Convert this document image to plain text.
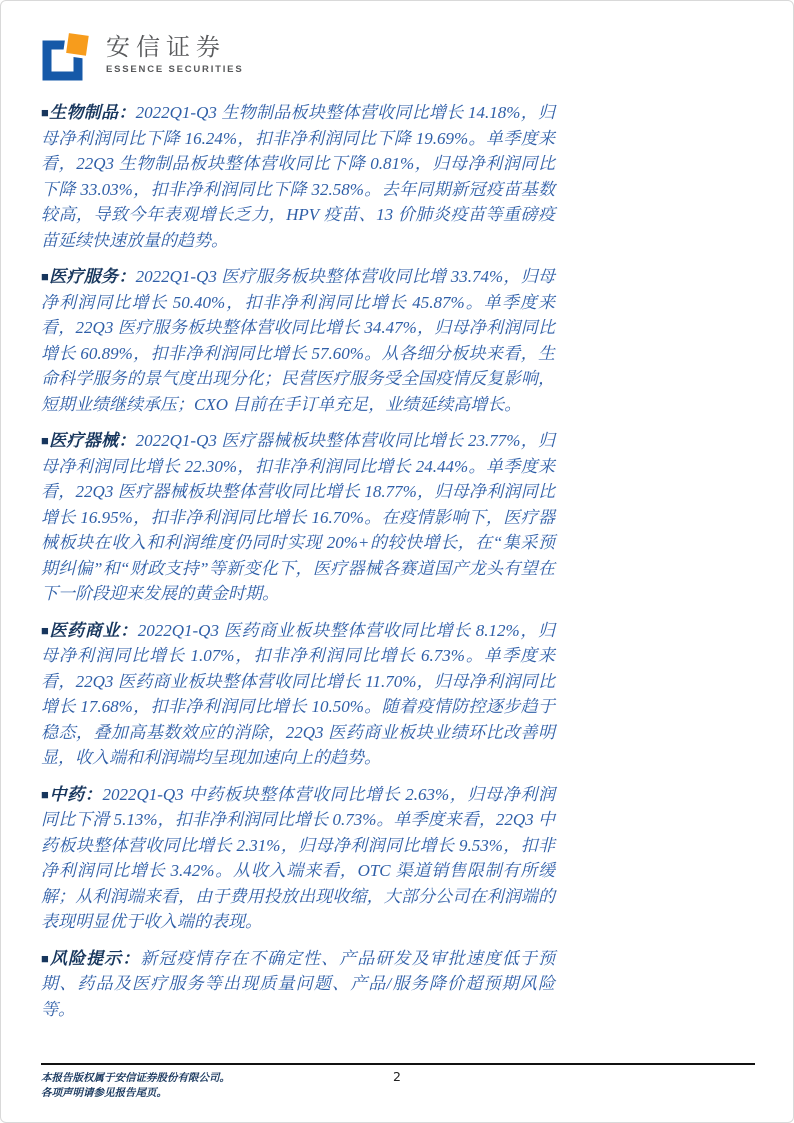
安信证券
ESSENCE SECURITIES

■生物制品：2022Q1-Q3 生物制品板块整体营收同比增长 14.18%，归母净利润同比下降 16.24%，扣非净利润同比下降 19.69%。单季度来看，22Q3 生物制品板块整体营收同比下降 0.81%，归母净利润同比下降 33.03%，扣非净利润同比下降 32.58%。去年同期新冠疫苗基数较高，导致今年表观增长乏力，HPV 疫苗、13 价肺炎疫苗等重磅疫苗延续快速放量的趋势。

■医疗服务：2022Q1-Q3 医疗服务板块整体营收同比增 33.74%，归母净利润同比增长 50.40%，扣非净利润同比增长 45.87%。单季度来看，22Q3 医疗服务板块整体营收同比增长 34.47%，归母净利润同比增长 60.89%，扣非净利润同比增长 57.60%。从各细分板块来看，生命科学服务的景气度出现分化；民营医疗服务受全国疫情反复影响，短期业绩继续承压；CXO 目前在手订单充足，业绩延续高增长。

■医疗器械：2022Q1-Q3 医疗器械板块整体营收同比增长 23.77%，归母净利润同比增长 22.30%，扣非净利润同比增长 24.44%。单季度来看，22Q3 医疗器械板块整体营收同比增长 18.77%，归母净利润同比增长 16.95%，扣非净利润同比增长 16.70%。在疫情影响下，医疗器械板块在收入和利润维度仍同时实现 20%+的较快增长，在“集采预期纠偏”和“财政支持”等新变化下，医疗器械各赛道国产龙头有望在下一阶段迎来发展的黄金时期。

■医药商业：2022Q1-Q3 医药商业板块整体营收同比增长 8.12%，归母净利润同比增长 1.07%，扣非净利润同比增长 6.73%。单季度来看，22Q3 医药商业板块整体营收同比增长 11.70%，归母净利润同比增长 17.68%，扣非净利润同比增长 10.50%。随着疫情防控逐步趋于稳态，叠加高基数效应的消除，22Q3 医药商业板块业绩环比改善明显，收入端和利润端均呈现加速向上的趋势。

■中药：2022Q1-Q3 中药板块整体营收同比增长 2.63%，归母净利润同比下滑 5.13%，扣非净利润同比增长 0.73%。单季度来看，22Q3 中药板块整体营收同比增长 2.31%，归母净利润同比增长 9.53%，扣非净利润同比增长 3.42%。从收入端来看，OTC 渠道销售限制有所缓解；从利润端来看，由于费用投放出现收缩，大部分公司在利润端的表现明显优于收入端的表现。

■风险提示：新冠疫情存在不确定性、产品研发及审批速度低于预期、药品及医疗服务等出现质量问题、产品/服务降价超预期风险等。

本报告版权属于安信证券股份有限公司。
各项声明请参见报告尾页。
2
